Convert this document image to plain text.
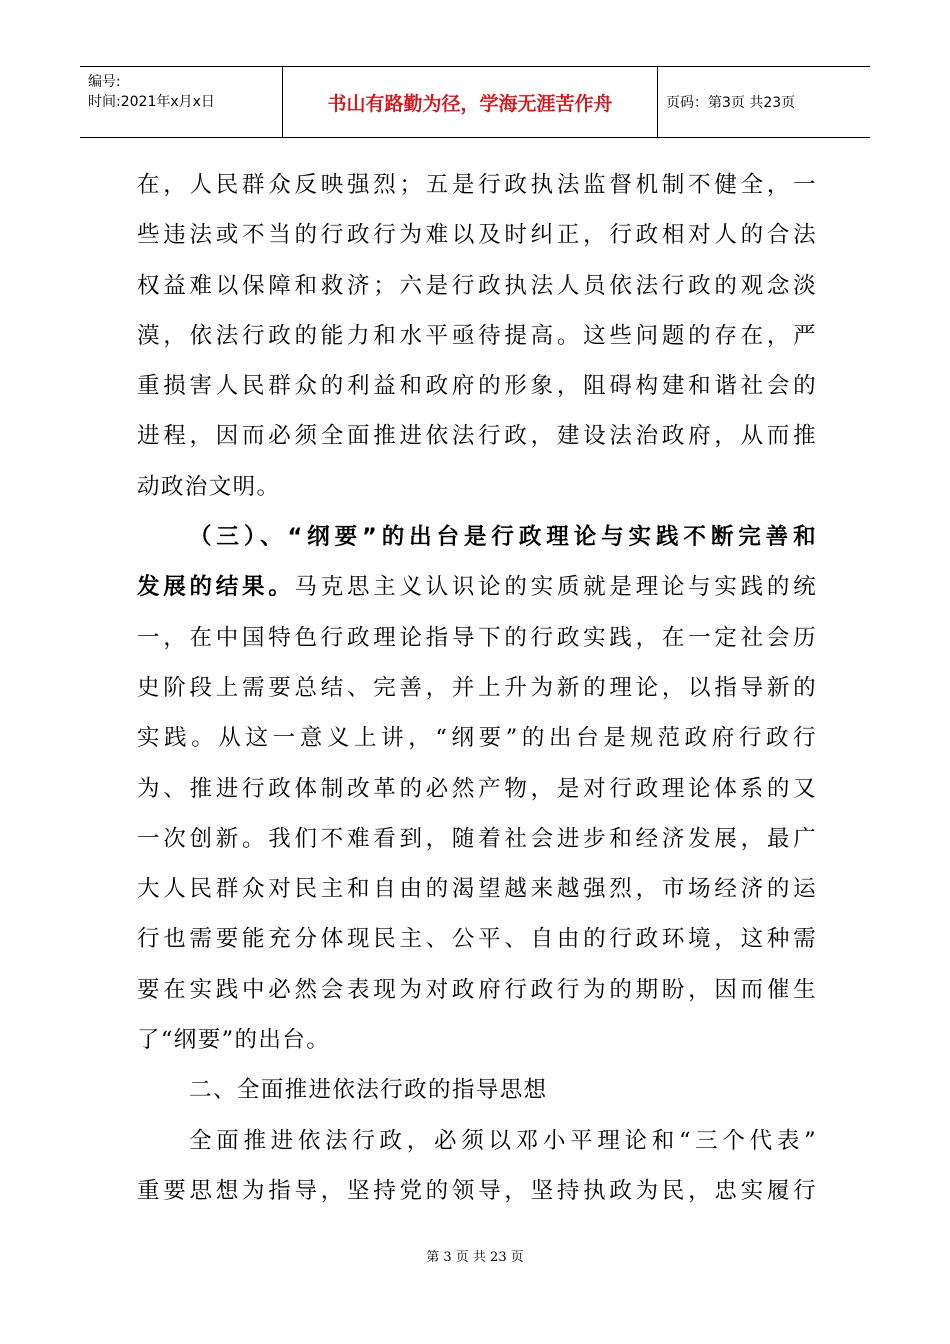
编号:
时间:2021年x月x日	书山有路勤为径，学海无涯苦作舟	页码：第3页 共23页
在，人民群众反映强烈；五是行政执法监督机制不健全，一
些违法或不当的行政行为难以及时纠正，行政相对人的合法
权益难以保障和救济；六是行政执法人员依法行政的观念淡
漠，依法行政的能力和水平亟待提高。这些问题的存在，严
重损害人民群众的利益和政府的形象，阻碍构建和谐社会的
进程，因而必须全面推进依法行政，建设法治政府，从而推
动政治文明。
（三）、“纲要”的出台是行政理论与实践不断完善和
发展的结果。马克思主义认识论的实质就是理论与实践的统
一，在中国特色行政理论指导下的行政实践，在一定社会历
史阶段上需要总结、完善，并上升为新的理论，以指导新的
实践。从这一意义上讲，“纲要”的出台是规范政府行政行
为、推进行政体制改革的必然产物，是对行政理论体系的又
一次创新。我们不难看到，随着社会进步和经济发展，最广
大人民群众对民主和自由的渴望越来越强烈，市场经济的运
行也需要能充分体现民主、公平、自由的行政环境，这种需
要在实践中必然会表现为对政府行政行为的期盼，因而催生
了“纲要”的出台。
二、全面推进依法行政的指导思想
全面推进依法行政，必须以邓小平理论和“三个代表”
重要思想为指导，坚持党的领导，坚持执政为民，忠实履行
第 3 页 共 23 页
